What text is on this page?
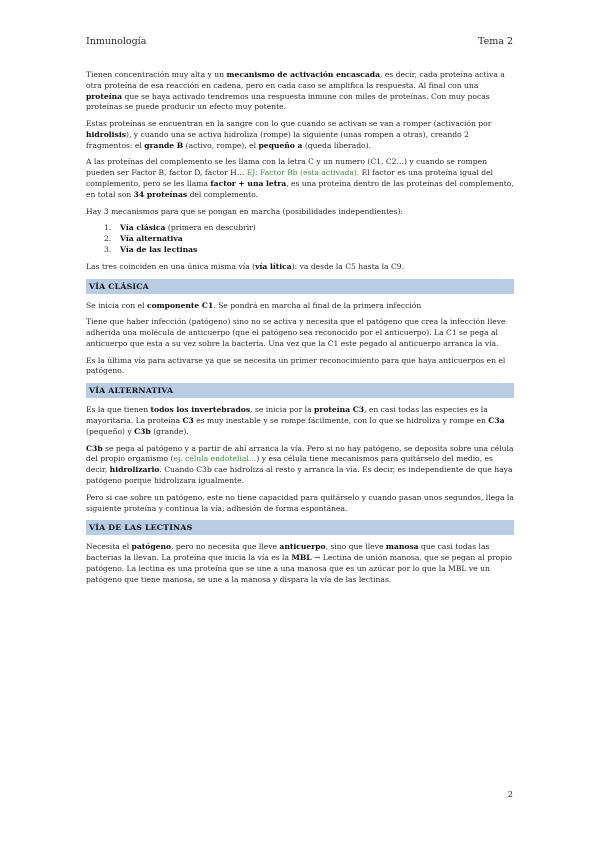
Inmunología	Tema 2

Tienen concentración muy alta y un mecanismo de activación encascada, es decir, cada proteína activa a otra proteína de esa reacción en cadena, pero en cada caso se amplifica la respuesta. Al final con una proteína que se haya activado tendremos una respuesta inmune con miles de proteínas. Con muy pocas proteínas se puede producir un efecto muy potente.

Estas proteínas se encuentran en la sangre con lo que cuando se activan se van a romper (activación por hidrolisis), y cuando una se activa hidroliza (rompe) la siguiente (unas rompen a otras), creando 2 fragmentos: el grande B (activo, rompe), el pequeño a (queda liberado).

A las proteínas del complemento se les llama con la letra C y un numero (C1, C2…) y cuando se rompen pueden ser Factor B, factor D, factor H… EJ: Factor Bb (esta activada). El factor es una proteína igual del complemento, pero se les llama factor + una letra, es una proteína dentro de las proteínas del complemento, en total son 34 proteínas del complemento.

Hay 3 mecanismos para que se pongan en marcha (posibilidades independientes):

1. Vía clásica (primera en descubrir)
2. Vía alternativa
3. Vía de las lectinas

Las tres coinciden en una única misma vía (vía lítica): va desde la C5 hasta la C9.

VÍA CLÁSICA

Se inicia con el componente C1. Se pondrá en marcha al final de la primera infección

Tiene que haber infección (patógeno) sino no se activa y necesita que el patógeno que crea la infección lleve adherida una molécula de anticuerpo (que el patógeno sea reconocido por el anticuerpo). La C1 se pega al anticuerpo que esta a su vez sobre la bacteria. Una vez que la C1 este pegado al anticuerpo arranca la vía.

Es la última vía para activarse ya que se necesita un primer reconocimiento para que haya anticuerpos en el patógeno.

VÍA ALTERNATIVA

Es la que tienen todos los invertebrados, se inicia por la proteína C3, en casi todas las especies es la mayoritaria. La proteína C3 es muy inestable y se rompe fácilmente, con lo que se hidroliza y rompe en C3a (pequeño) y C3b (grande).

C3b se pega al patógeno y a partir de ahí arranca la vía. Pero si no hay patógeno, se deposita sobre una célula del propio organismo (ej. célula endotelial…) y esa célula tiene mecanismos para quitárselo del medio, es decir, hidrolizarlo. Cuando C3b cae hidroliza al resto y arranca la vía. Es decir, es independiente de que haya patógeno porque hidrolizara igualmente.

Pero si cae sobre un patógeno, este no tiene capacidad para quitárselo y cuando pasan unos segundos, llega la siguiente proteína y continua la vía; adhesión de forma espontánea.

VÍA DE LAS LECTINAS

Necesita el patógeno, pero no necesita que lleve anticuerpo, sino que lleve manosa que casi todas las bacterias la llevan. La proteína que inicia la vía es la MBL → Lectina de unión manosa, que se pegan al propio patógeno. La lectina es una proteína que se une a una manosa que es un azúcar por lo que la MBL ve un patógeno que tiene manosa, se une a la manosa y dispara la vía de las lectinas.

2
